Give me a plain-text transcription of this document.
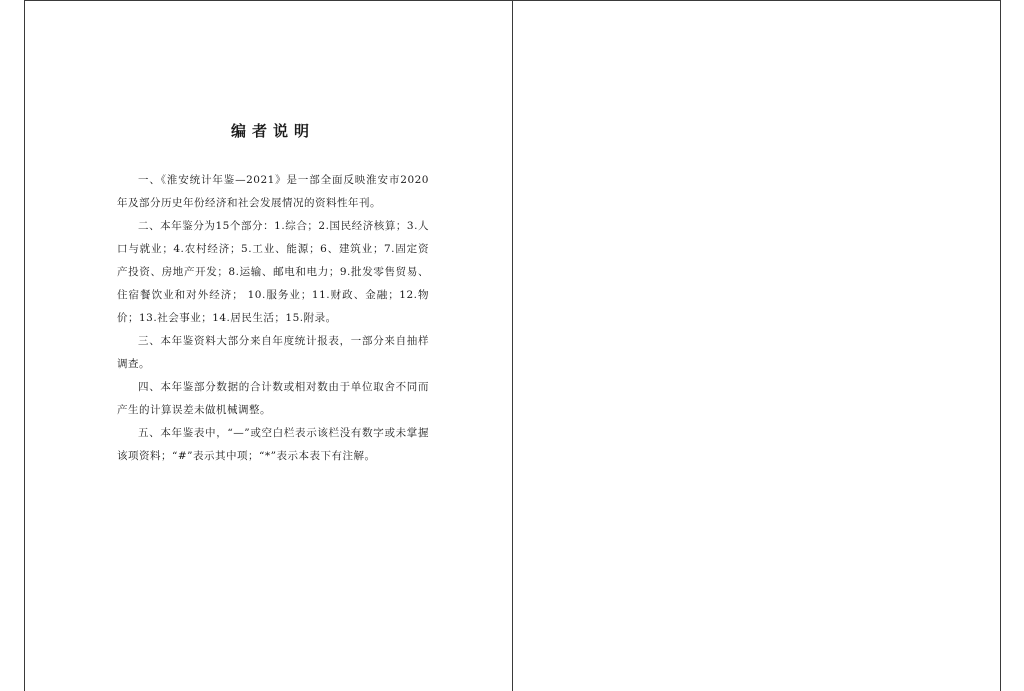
编者说明

一、《淮安统计年鉴—2021》是一部全面反映淮安市2020年及部分历史年份经济和社会发展情况的资料性年刊。

二、本年鉴分为15个部分：1.综合；2.国民经济核算；3.人口与就业；4.农村经济；5.工业、能源；6、建筑业；7.固定资产投资、房地产开发；8.运输、邮电和电力；9.批发零售贸易、住宿餐饮业和对外经济； 10.服务业；11.财政、金融；12.物价；13.社会事业；14.居民生活；15.附录。

三、本年鉴资料大部分来自年度统计报表，一部分来自抽样调查。

四、本年鉴部分数据的合计数或相对数由于单位取舍不同而产生的计算误差未做机械调整。

五、本年鉴表中，“—”或空白栏表示该栏没有数字或未掌握该项资料；“#”表示其中项；“*”表示本表下有注解。
